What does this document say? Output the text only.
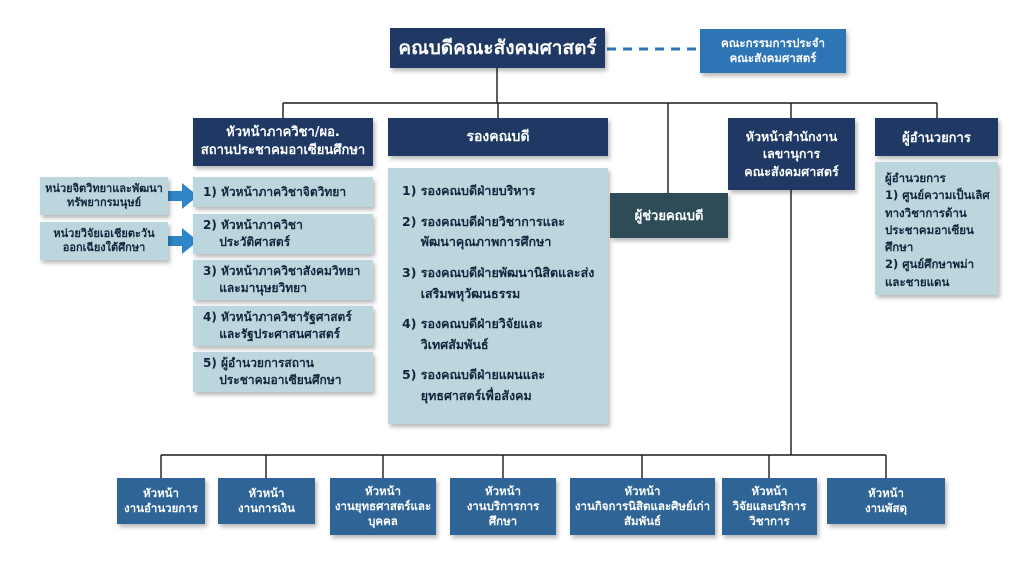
คณบดีคณะสังคมศาสตร์	คณะกรรมการประจำ
คณะสังคมศาสตร์
หัวหน้าภาควิชา/ผอ.
สถานประชาคมอาเซียนศึกษา
รองคณบดี	หัวหน้าสำนักงาน
เลขานุการ
คณะสังคมศาสตร์
ผู้อำนวยการ
หน่วยจิตวิทยาและพัฒนาทรัพยากรมนุษย์
หน่วยวิจัยเอเชียตะวันออกเฉียงใต้ศึกษา
1) หัวหน้าภาควิชาจิตวิทยา
2) หัวหน้าภาควิชาประวัติศาสตร์
3) หัวหน้าภาควิชาสังคมวิทยาและมานุษยวิทยา
4) หัวหน้าภาควิชารัฐศาสตร์และรัฐประศาสนศาสตร์
5) ผู้อำนวยการสถานประชาคมอาเซียนศึกษา
1) รองคณบดีฝ่ายบริหาร
2) รองคณบดีฝ่ายวิชาการและพัฒนาคุณภาพการศึกษา
3) รองคณบดีฝ่ายพัฒนานิสิตและส่งเสริมพหุวัฒนธรรม
4) รองคณบดีฝ่ายวิจัยและวิเทศสัมพันธ์
5) รองคณบดีฝ่ายแผนและยุทธศาสตร์เพื่อสังคม
ผู้ช่วยคณบดี
ผู้อำนวยการ
1) ศูนย์ความเป็นเลิศทางวิชาการด้านประชาคมอาเซียนศึกษา
2) ศูนย์ศึกษาพม่าและชายแดน
หัวหน้า
งานอำนวยการ
หัวหน้า
งานการเงิน
หัวหน้า
งานยุทธศาสตร์และบุคคล
หัวหน้า
งานบริการการศึกษา
หัวหน้า
งานกิจการนิสิตและศิษย์เก่าสัมพันธ์
หัวหน้า
วิจัยและบริการวิชาการ
หัวหน้า
งานพัสดุ
